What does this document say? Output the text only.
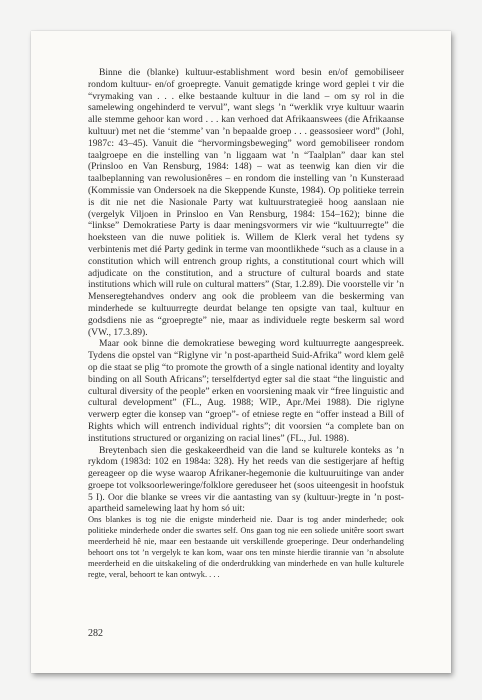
Binne die (blanke) kultuur-establishment word besin en/of gemobiliseer rondom kultuur- en/of groepregte. Vanuit gematigde kringe word geplei t vir die “vrymaking van . . . elke bestaande kultuur in die land – om sy rol in die samelewing ongehinderd te vervul”, want slegs ’n “werklik vrye kultuur waarin alle stemme gehoor kan word . . . kan verhoed dat Afrikaanswees (die Afrikaanse kultuur) met net die ‘stemme’ van ’n bepaalde groep . . . geassosieer word” (Johl, 1987c: 43–45). Vanuit die “hervormingsbeweging” word gemobiliseer rondom taalgroepe en die instelling van ’n liggaam wat ’n “Taalplan” daar kan stel (Prinsloo en Van Rensburg, 1984: 148) – wat as teenwig kan dien vir die taalbeplanning van rewolusionêres – en rondom die instelling van ’n Kunsteraad (Kommissie van Ondersoek na die Skeppende Kunste, 1984). Op politieke terrein is dit nie net die Nasionale Party wat kultuurstrategieë hoog aanslaan nie (vergelyk Viljoen in Prinsloo en Van Rensburg, 1984: 154–162); binne die “linkse” Demokratiese Party is daar meningsvormers vir wie “kultuurregte” die hoeksteen van die nuwe politiek is. Willem de Klerk veral het tydens sy verbintenis met dié Party gedink in terme van moontlikhede “such as a clause in a constitution which will entrench group rights, a constitutional court which will adjudicate on the constitution, and a structure of cultural boards and state institutions which will rule on cultural matters” (Star, 1.2.89). Die voorstelle vir ’n Menseregtehandves onderv ang ook die probleem van die beskerming van minderhede se kultuurregte deurdat belange ten opsigte van taal, kultuur en godsdiens nie as “groepregte” nie, maar as individuele regte beskerm sal word (VW., 17.3.89).

Maar ook binne die demokratiese beweging word kultuurregte aangespreek. Tydens die opstel van “Riglyne vir ’n post-apartheid Suid-Afrika” word klem gelê op die staat se plig “to promote the growth of a single national identity and loyalty binding on all South Africans”; terselfdertyd egter sal die staat “the linguistic and cultural diversity of the people” erken en voorsiening maak vir “free linguistic and cultural development” (FL., Aug. 1988; WIP., Apr./Mei 1988). Die riglyne verwerp egter die konsep van “groep”- of etniese regte en “offer instead a Bill of Rights which will entrench individual rights”; dit voorsien “a complete ban on institutions structured or organizing on racial lines” (FL., Jul. 1988).

Breytenbach sien die geskakeerdheid van die land se kulturele konteks as ’n rykdom (1983d: 102 en 1984a: 328). Hy het reeds van die sestigerjare af heftig gereageer op die wyse waarop Afrikaner-hegemonie die kultuuruitinge van ander groepe tot volksoorleweringe/folklore gereduseer het (soos uiteengesit in hoofstuk 5 I). Oor die blanke se vrees vir die aantasting van sy (kultuur-)regte in ’n post-apartheid samelewing laat hy hom só uit:

Ons blankes is tog nie die enigste minderheid nie. Daar is tog ander minderhede; ook politieke minderhede onder die swartes self. Ons gaan tog nie een soliede unitêre soort swart meerderheid hê nie, maar een bestaande uit verskillende groeperinge. Deur onderhandeling behoort ons tot ’n vergelyk te kan kom, waar ons ten minste hierdie tirannie van ’n absolute meerderheid en die uitskakeling of die onderdrukking van minderhede en van hulle kulturele regte, veral, behoort te kan ontwyk. . . .

282
